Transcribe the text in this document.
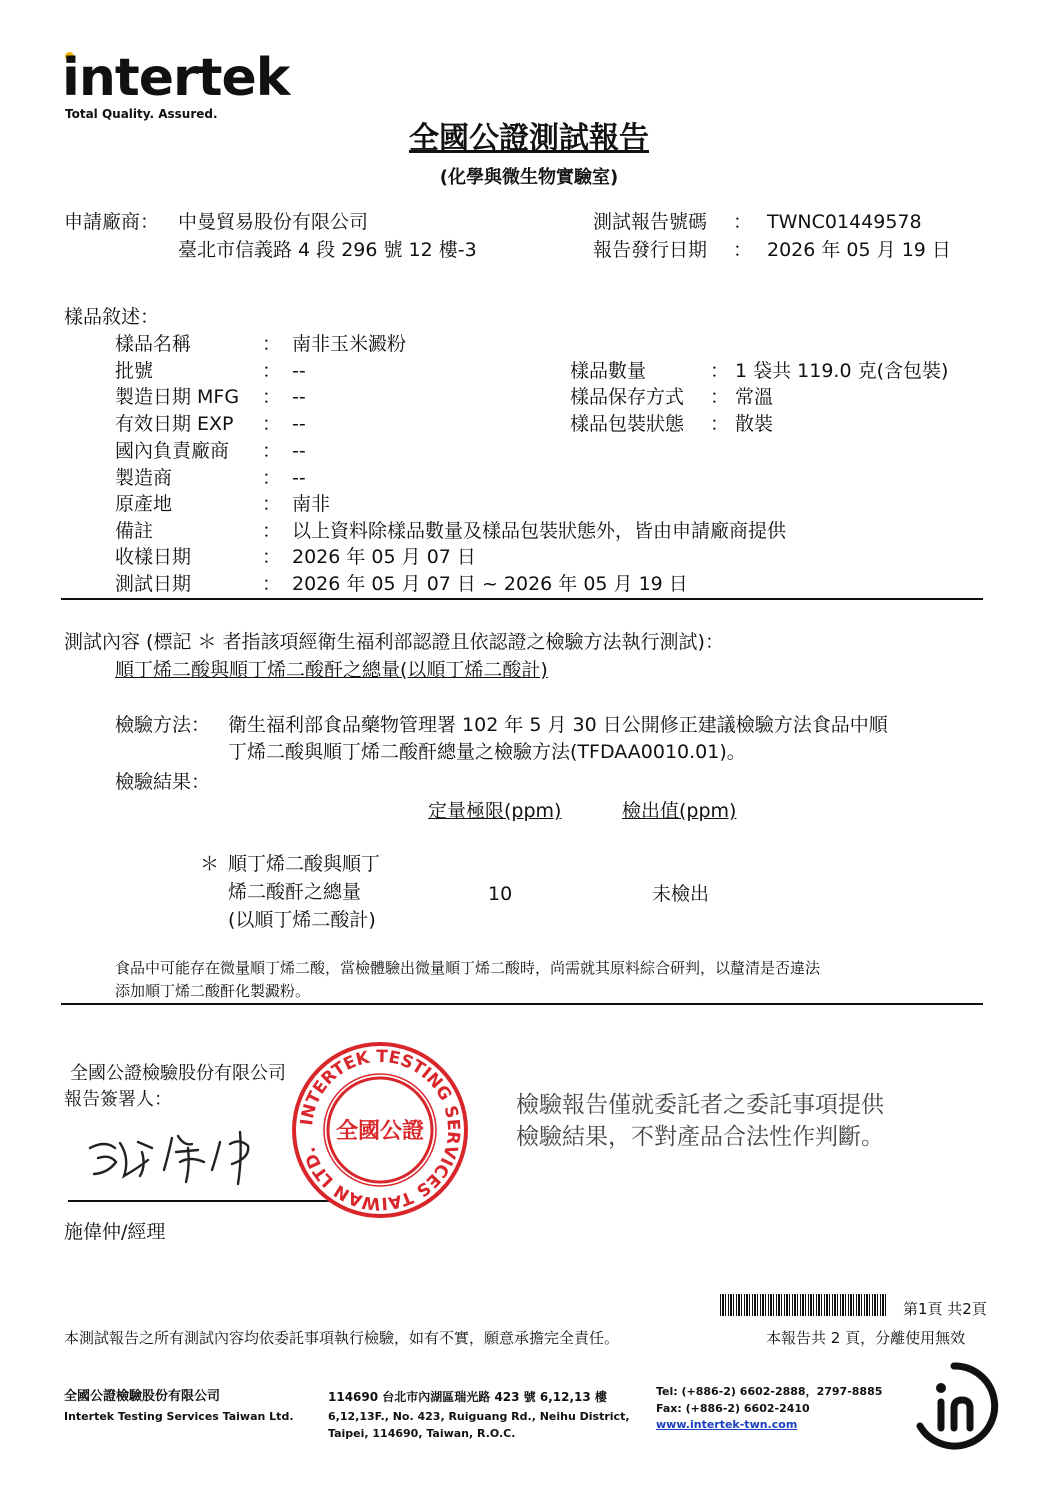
intertek
Total Quality. Assured.
全國公證測試報告
(化學與微生物實驗室)
申請廠商： 中曼貿易股份有限公司
臺北市信義路 4 段 296 號 12 樓-3
測試報告號碼 ： TWNC01449578
報告發行日期 ： 2026 年 05 月 19 日
樣品敘述：
樣品名稱	： 南非玉米澱粉
批號	： --
製造日期 MFG ： --
有效日期 EXP ： --
國內負責廠商 ： --
製造商	： --
原產地	： 南非
備註	： 以上資料除樣品數量及樣品包裝狀態外，皆由申請廠商提供
收樣日期	： 2026 年 05 月 07 日
測試日期	： 2026 年 05 月 07 日 ~ 2026 年 05 月 19 日
樣品數量	： 1 袋共 119.0 克(含包裝)
樣品保存方式 ： 常溫
樣品包裝狀態 ： 散裝
測試內容 (標記 ＊ 者指該項經衛生福利部認證且依認證之檢驗方法執行測試)：
順丁烯二酸與順丁烯二酸酐之總量(以順丁烯二酸計)
檢驗方法： 衛生福利部食品藥物管理署 102 年 5 月 30 日公開修正建議檢驗方法食品中順
丁烯二酸與順丁烯二酸酐總量之檢驗方法(TFDAA0010.01)。
檢驗結果：
定量極限(ppm)	檢出值(ppm)
＊ 順丁烯二酸與順丁
烯二酸酐之總量
(以順丁烯二酸計)
10	未檢出
食品中可能存在微量順丁烯二酸，當檢體驗出微量順丁烯二酸時，尚需就其原料綜合研判，以釐清是否違法
添加順丁烯二酸酐化製澱粉。
全國公證檢驗股份有限公司
報告簽署人：
施偉仲/經理
INTERTEK TESTING SERVICES TAIWAN LTD.
全國公證
檢驗報告僅就委託者之委託事項提供
檢驗結果，不對產品合法性作判斷。
第1頁 共2頁
本測試報告之所有測試內容均依委託事項執行檢驗，如有不實，願意承擔完全責任。	本報告共 2 頁，分離使用無效
全國公證檢驗股份有限公司
Intertek Testing Services Taiwan Ltd.
114690 台北市內湖區瑞光路 423 號 6,12,13 樓
6,12,13F., No. 423, Ruiguang Rd., Neihu District,
Taipei, 114690, Taiwan, R.O.C.
Tel: (+886-2) 6602-2888，2797-8885
Fax: (+886-2) 6602-2410
www.intertek-twn.com
